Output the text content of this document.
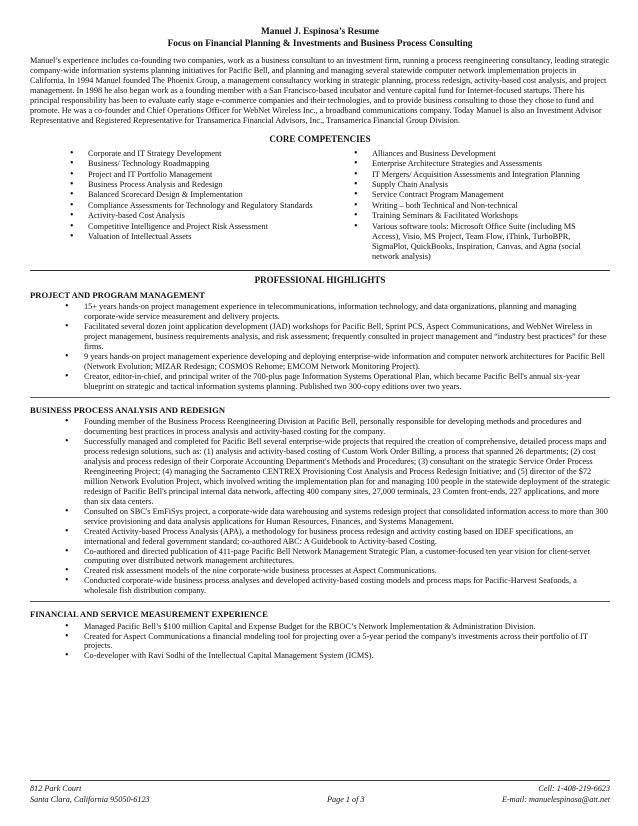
Manuel J. Espinosa’s Resume
Focus on Financial Planning & Investments and Business Process Consulting

Manuel’s experience includes co-founding two companies, work as a business consultant to an investment firm, running a process reengineering consultancy, leading strategic company-wide information systems planning initiatives for Pacific Bell, and planning and managing several statewide computer network implementation projects in California. In 1994 Manuel founded The Phoenix Group, a management consultancy working in strategic planning, process redesign, activity-based cost analysis, and project management. In 1998 he also began work as a founding member with a San Francisco-based incubator and venture capital fund for Internet-focused startups. There his principal responsibility has been to evaluate early stage e-commerce companies and their technologies, and to provide business consulting to those they chose to fund and promote. He was a co-founder and Chief Operations Officer for WebNet Wireless Inc., a broadband communications company. Today Manuel is also an Investment Advisor Representative and Registered Representative for Transamerica Financial Advisors, Inc., Transamerica Financial Group Division.

CORE COMPETENCIES
• Corporate and IT Strategy Development
• Business/ Technology Roadmapping
• Project and IT Portfolio Management
• Business Process Analysis and Redesign
• Balanced Scorecard Design & Implementation
• Compliance Assessments for Technology and Regulatory Standards
• Activity-based Cost Analysis
• Competitive Intelligence and Project Risk Assessment
• Valuation of Intellectual Assets
• Alliances and Business Development
• Enterprise Architecture Strategies and Assessments
• IT Mergers/ Acquisition Assessments and Integration Planning
• Supply Chain Analysis
• Service Contract Program Management
• Writing – both Technical and Non-technical
• Training Seminars & Facilitated Workshops
• Various software tools: Microsoft Office Suite (including MS Access), Visio, MS Project, Team Flow, iThink, TurboBPR, SigmaPlot, QuickBooks, Inspiration, Canvas, and Agna (social network analysis)
PROFESSIONAL HIGHLIGHTS
PROJECT AND PROGRAM MANAGEMENT
• 15+ years hands-on project management experience in telecommunications, information technology, and data organizations, planning and managing corporate-wide service measurement and delivery projects.
• Facilitated several dozen joint application development (JAD) workshops for Pacific Bell, Sprint PCS, Aspect Communications, and WebNet Wireless in project management, business requirements analysis, and risk assessment; frequently consulted in project management and “industry best practices” for these firms.
• 9 years hands-on project management experience developing and deploying enterprise-wide information and computer network architectures for Pacific Bell (Network Evolution; MIZAR Redesign; COSMOS Rehome; EMCOM Network Monitoring Project).
• Creator, editor-in-chief, and principal writer of the 700-plus page Information Systems Operational Plan, which became Pacific Bell's annual six-year blueprint on strategic and tactical information systems planning. Published two 300-copy editions over two years.
BUSINESS PROCESS ANALYSIS AND REDESIGN
• Founding member of the Business Process Reengineering Division at Pacific Bell, personally responsible for developing methods and procedures and documenting best practices in process analysis and activity-based costing for the company.
• Successfully managed and completed for Pacific Bell several enterprise-wide projects that required the creation of comprehensive, detailed process maps and process redesign solutions, such as: (1) analysis and activity-based costing of Custom Work Order Billing, a process that spanned 26 departments; (2) cost analysis and process redesign of their Corporate Accounting Department's Methods and Procedures; (3) consultant on the strategic Service Order Process Reengineering Project; (4) managing the Sacramento CENTREX Provisioning Cost Analysis and Process Redesign Initiative; and (5) director of the $72 million Network Evolution Project, which involved writing the implementation plan for and managing 100 people in the statewide deployment of the strategic redesign of Pacific Bell's principal internal data network, affecting 400 company sites, 27,000 terminals, 23 Comten front-ends, 227 applications, and more than six data centers.
• Consulted on SBC's EmFiSys project, a corporate-wide data warehousing and systems redesign project that consolidated information access to more than 300 service provisioning and data analysis applications for Human Resources, Finances, and Systems Management.
• Created Activity-based Process Analysis (APA), a methodology for business process redesign and activity costing based on IDEF specifications, an international and federal government standard; co-authored ABC: A Guidebook to Activity-based Costing.
• Co-authored and directed publication of 411-page Pacific Bell Network Management Strategic Plan, a customer-focused ten year vision for client-server computing over distributed network management architectures.
• Created risk assessment models of the nine corporate-wide business processes at Aspect Communications.
• Conducted corporate-wide business process analyses and developed activity-based costing models and process maps for Pacific-Harvest Seafoods, a wholesale fish distribution company.
FINANCIAL AND SERVICE MEASUREMENT EXPERIENCE
• Managed Pacific Bell’s $100 million Capital and Expense Budget for the RBOC’s Network Implementation & Administration Division.
• Created for Aspect Communications a financial modeling tool for projecting over a 5-year period the company's investments across their portfolio of IT projects.
• Co-developer with Ravi Sodhi of the Intellectual Capital Management System (ICMS).
812 Park Court	Cell: 1-408-219-6623
Santa Clara, California 95050-6123	Page 1 of 3	E-mail: manuelespinosa@att.net
